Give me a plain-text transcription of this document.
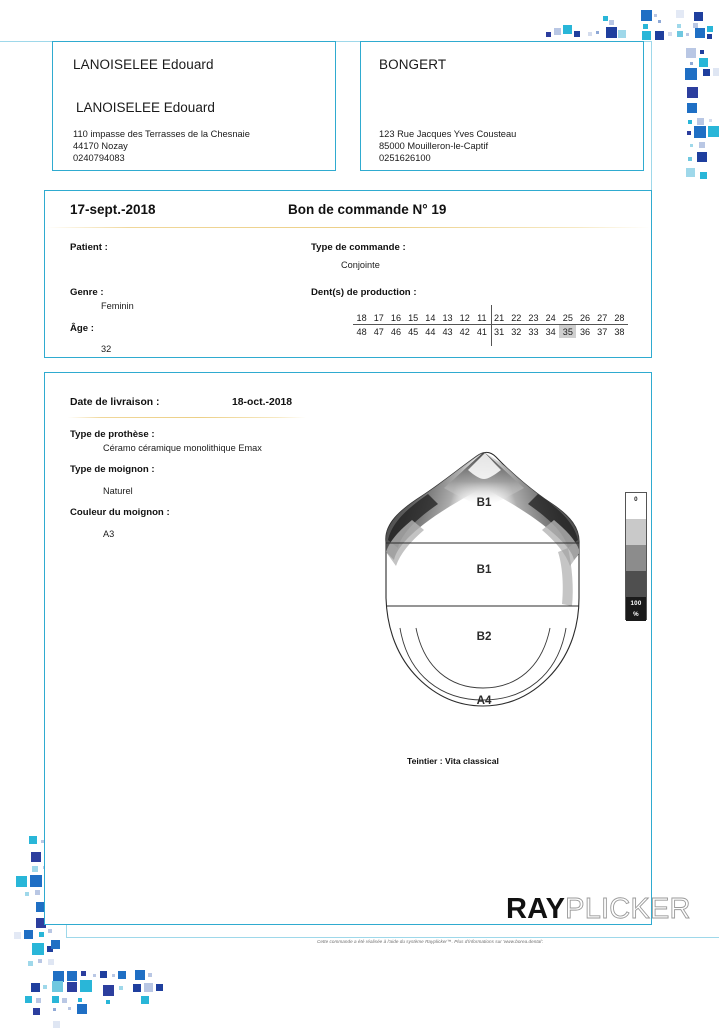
LANOISELEE Edouard
LANOISELEE Edouard
110 impasse des Terrasses de la Chesnaie
44170 Nozay
0240794083
BONGERT
123 Rue Jacques Yves Cousteau
85000 Mouilleron-le-Captif
0251626100
17-sept.-2018	Bon de commande N° 19
Patient :
Genre :
Feminin
Âge :
32
Type de commande :
Conjointe
Dent(s) de production :
18	17	16	15	14	13	12	11	21	22	23	24	25	26	27	28
48	47	46	45	44	43	42	41	31	32	33	34	35	36	37	38
Date de livraison :	18-oct.-2018
Type de prothèse :
Céramo céramique monolithique Emax
Type de moignon :
Naturel
Couleur du moignon :
A3
B1
B1
B2
A4
Teintier : Vita classical
0
100
%
RAYPLICKER
Cette commande a été réalisée à l'aide du système Rayplicker™. Plus d'informations sur 'www.borea.dental'.
